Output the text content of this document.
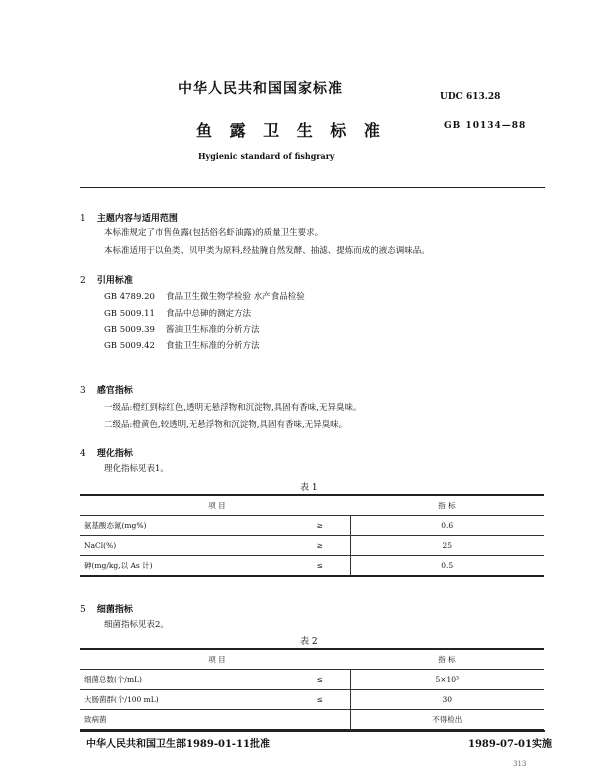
中华人民共和国国家标准	UDC 613.28
鱼 露 卫 生 标 准	GB 10134—88
Hygienic standard of fishgrary
1 主题内容与适用范围
本标准规定了市售鱼露(包括俗名虾油露)的质量卫生要求。
本标准适用于以鱼类、贝甲类为原料,经盐腌自然发酵、抽滤、提炼而成的液态调味品。
2 引用标准
GB 4789.20 食品卫生微生物学检验 水产食品检验
GB 5009.11 食品中总砷的测定方法
GB 5009.39 酱油卫生标准的分析方法
GB 5009.42 食盐卫生标准的分析方法
3 感官指标
一级品:橙红到棕红色,透明无悬浮物和沉淀物,具固有香味,无异臭味。
二级品:橙黄色,较透明,无悬浮物和沉淀物,具固有香味,无异臭味。
4 理化指标
理化指标见表1。
表 1
项 目		指 标
氨基酸态氮(mg%)	≥	0.6
NaCl(%)	≥	25
砷(mg/kg,以 As 计)	≤	0.5
5 细菌指标
细菌指标见表2。
表 2
项 目		指 标
细菌总数(个/mL)	≤	5×10³
大肠菌群(个/100 mL)	≤	30
致病菌		不得检出
中华人民共和国卫生部1989-01-11批准	1989-07-01实施
313
